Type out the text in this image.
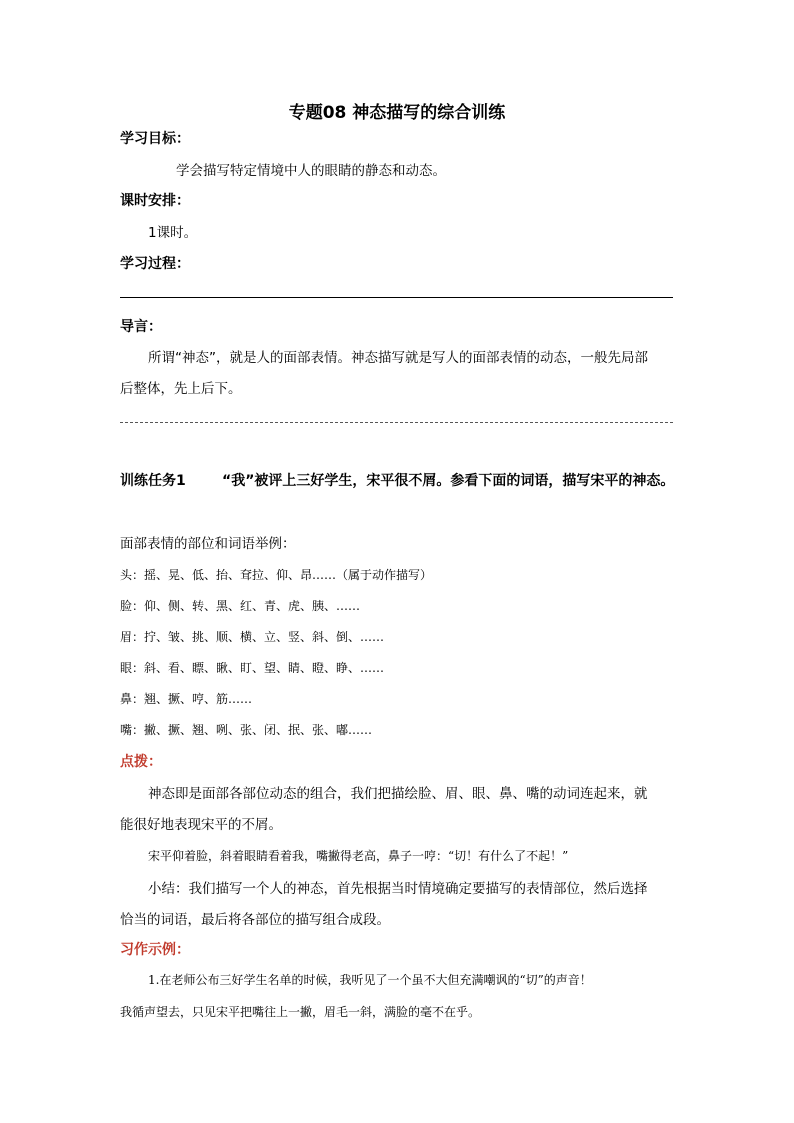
专题08 神态描写的综合训练
学习目标：
学会描写特定情境中人的眼睛的静态和动态。
课时安排：
1课时。
学习过程：
导言：
所谓“神态”，就是人的面部表情。神态描写就是写人的面部表情的动态，一般先局部
后整体，先上后下。
训练任务1	“我”被评上三好学生，宋平很不屑。参看下面的词语，描写宋平的神态。
面部表情的部位和词语举例：
头：摇、晃、低、抬、耷拉、仰、昂……（属于动作描写）
脸：仰、侧、转、黑、红、青、虎、胰、……
眉：拧、皱、挑、顺、横、立、竖、斜、倒、……
眼：斜、看、瞟、瞅、盯、望、睛、瞪、睁、……
鼻：翘、撅、哼、筋……
嘴：撇、撅、翘、咧、张、闭、抿、张、嘟……
点拨：
神态即是面部各部位动态的组合，我们把描绘脸、眉、眼、鼻、嘴的动词连起来，就
能很好地表现宋平的不屑。
宋平仰着脸，斜着眼睛看着我，嘴撇得老高，鼻子一哼：“切！有什么了不起！”
小结：我们描写一个人的神态，首先根据当时情境确定要描写的表情部位，然后选择
恰当的词语，最后将各部位的描写组合成段。
习作示例：
1.在老师公布三好学生名单的时候，我听见了一个虽不大但充满嘲讽的“切”的声音！
我循声望去，只见宋平把嘴往上一撇，眉毛一斜，满脸的毫不在乎。
